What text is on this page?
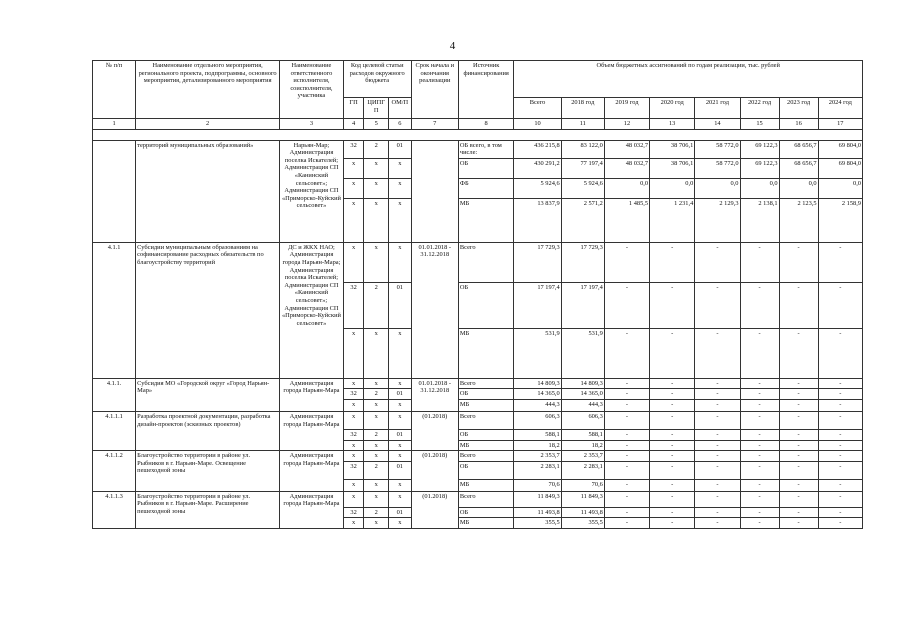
4
№ п/п	Наименование отдельного мероприятия, регионального проекта, подпрограммы, основного мероприятия, детализированного мероприятия	Наименование ответственного исполнителя, соисполнителя, участника	Код целевой статьи расходов окружного бюджета			Срок начала и окончания реализации	Источник финансирования	Объем бюджетных ассигнований по годам реализации, тыс. рублей							
			ГП	ЦИПГ П	ОМ/П			Всего	2018 год	2019 год	2020 год	2021 год	2022 год	2023 год	2024 год
1	2	3	4	5	6	7	8	10	11	12	13	14	15	16	17

	территорий муниципальных образований»	Нарьян-Мар; Администрация поселка Искателей; Администрация СП «Канинский сельсовет»; Администрация СП «Приморско-Куйский сельсовет»	32	2	01		ОБ всего, в том числе:	436 215,8	83 122,0	48 032,7	38 706,1	58 772,0	69 122,3	68 656,7	69 804,0
			х	х	х		ОБ	430 291,2	77 197,4	48 032,7	38 706,1	58 772,0	69 122,3	68 656,7	69 804,0
			х	х	х		ФБ	5 924,6	5 924,6	0,0	0,0	0,0	0,0	0,0	0,0
			х	х	х		МБ	13 837,9	2 571,2	1 485,5	1 231,4	2 129,3	2 138,1	2 123,5	2 158,9
4.1.1	Субсидии муниципальным образованиям на софинансирование расходных обязательств по благоустройству территорий	ДС и ЖКХ НАО; Администрация города Нарьян-Мара; Администрация поселка Искателей; Администрация СП «Канинский сельсовет»; Администрация СП «Приморско-Куйский сельсовет»	х	х	х	01.01.2018 - 31.12.2018	Всего	17 729,3	17 729,3	-	-	-	-	-	-
			32	2	01		ОБ	17 197,4	17 197,4	-	-	-	-	-	-
			х	х	х		МБ	531,9	531,9	-	-	-	-	-	-
4.1.1.	Субсидия МО «Городской округ «Город Нарьян-Мар»	Администрация города Нарьян-Мара	х	х	х	01.01.2018 - 31.12.2018	Всего	14 809,3	14 809,3	-	-	-	-	-	-
			32	2	01		ОБ	14 365,0	14 365,0	-	-	-	-	-	-
			х	х	х		МБ	444,3	444,3	-	-	-	-	-	-
4.1.1.1	Разработка проектной документации, разработка дизайн-проектов (эскизных проектов)	Администрация города Нарьян-Мара	х	х	х	(01.2018)	Всего	606,3	606,3	-	-	-	-	-	-
			32	2	01		ОБ	588,1	588,1	-	-	-	-	-	-
			х	х	х		МБ	18,2	18,2	-	-	-	-	-	-
4.1.1.2	Благоустройство территории в районе ул. Рыбников в г. Нарьян-Маре. Освещение пешеходной зоны	Администрация города Нарьян-Мара	х	х	х	(01.2018)	Всего	2 353,7	2 353,7	-	-	-	-	-	-
			32	2	01		ОБ	2 283,1	2 283,1	-	-	-	-	-	-
			х	х	х		МБ	70,6	70,6	-	-	-	-	-	-
4.1.1.3	Благоустройство территории в районе ул. Рыбников в г. Нарьян-Маре. Расширение пешеходной зоны	Администрация города Нарьян-Мара	х	х	х	(01.2018)	Всего	11 849,3	11 849,3	-	-	-	-	-	-
			32	2	01		ОБ	11 493,8	11 493,8	-	-	-	-	-	-
			х	х	х		МБ	355,5	355,5	-	-	-	-	-	-
